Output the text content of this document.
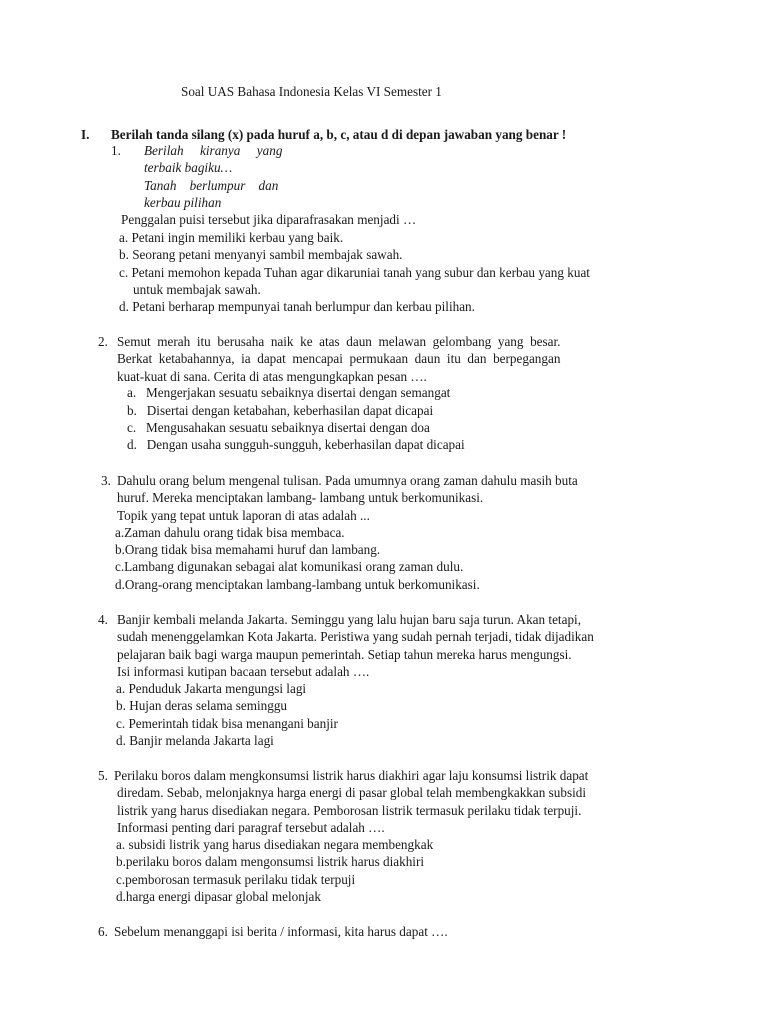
Soal UAS Bahasa Indonesia Kelas VI Semester 1
I. Berilah tanda silang (x) pada huruf a, b, c, atau d di depan jawaban yang benar !
1. Berilah     kiranya     yang
terbaik bagiku…
Tanah    berlumpur    dan
kerbau pilihan
Penggalan puisi tersebut jika diparafrasakan menjadi …
a. Petani ingin memiliki kerbau yang baik.
b. Seorang petani menyanyi sambil membajak sawah.
c. Petani memohon kepada Tuhan agar dikaruniai tanah yang subur dan kerbau yang kuat
untuk membajak sawah.
d. Petani berharap mempunyai tanah berlumpur dan kerbau pilihan.
2. Semut  merah  itu  berusaha  naik  ke  atas  daun  melawan  gelombang  yang  besar.
Berkat  ketabahannya,  ia  dapat  mencapai  permukaan  daun  itu  dan  berpegangan
kuat-kuat di sana. Cerita di atas mengungkapkan pesan ….
a. Mengerjakan sesuatu sebaiknya disertai dengan semangat
b. Disertai dengan ketabahan, keberhasilan dapat dicapai
c. Mengusahakan sesuatu sebaiknya disertai dengan doa
d. Dengan usaha sungguh-sungguh, keberhasilan dapat dicapai
3. Dahulu orang belum mengenal tulisan. Pada umumnya orang zaman dahulu masih buta
huruf. Mereka menciptakan lambang- lambang untuk berkomunikasi.
Topik yang tepat untuk laporan di atas adalah ...
a.Zaman dahulu orang tidak bisa membaca.
b.Orang tidak bisa memahami huruf dan lambang.
c.Lambang digunakan sebagai alat komunikasi orang zaman dulu.
d.Orang-orang menciptakan lambang-lambang untuk berkomunikasi.
4. Banjir kembali melanda Jakarta. Seminggu yang lalu hujan baru saja turun. Akan tetapi,
sudah menenggelamkan Kota Jakarta. Peristiwa yang sudah pernah terjadi, tidak dijadikan
pelajaran baik bagi warga maupun pemerintah. Setiap tahun mereka harus mengungsi.
Isi informasi kutipan bacaan tersebut adalah ….
a. Penduduk Jakarta mengungsi lagi
b. Hujan deras selama seminggu
c. Pemerintah tidak bisa menangani banjir
d. Banjir melanda Jakarta lagi
5. Perilaku boros dalam mengkonsumsi listrik harus diakhiri agar laju konsumsi listrik dapat
diredam. Sebab, melonjaknya harga energi di pasar global telah membengkakkan subsidi
listrik yang harus disediakan negara. Pemborosan listrik termasuk perilaku tidak terpuji.
Informasi penting dari paragraf tersebut adalah ….
a. subsidi listrik yang harus disediakan negara membengkak
b.perilaku boros dalam mengonsumsi listrik harus diakhiri
c.pemborosan termasuk perilaku tidak terpuji
d.harga energi dipasar global melonjak
6. Sebelum menanggapi isi berita / informasi, kita harus dapat ….
